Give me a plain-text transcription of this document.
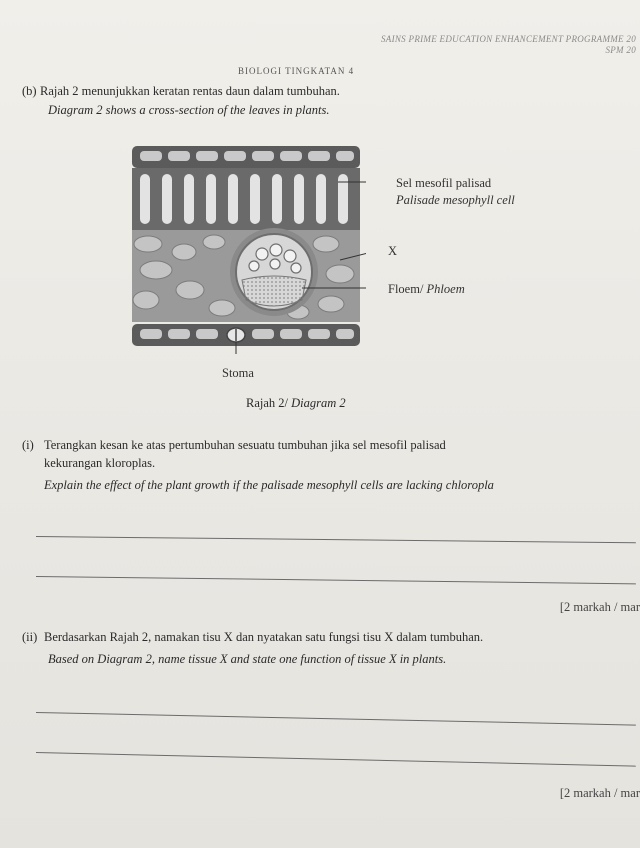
SAINS PRIME EDUCATION ENHANCEMENT PROGRAMME 20
SPM 20
BIOLOGI TINGKATAN 4
(b) Rajah 2 menunjukkan keratan rentas daun dalam tumbuhan.
Diagram 2 shows a cross-section of the leaves in plants.
Sel mesofil palisad
Palisade mesophyll cell
X
Floem/ Phloem
Stoma
Rajah 2/ Diagram 2
(i) Terangkan kesan ke atas pertumbuhan sesuatu tumbuhan jika sel mesofil palisad
kekurangan kloroplas.
Explain the effect of the plant growth if the palisade mesophyll cells are lacking chloropla
[2 markah / mar
(ii) Berdasarkan Rajah 2, namakan tisu X dan nyatakan satu fungsi tisu X dalam tumbuhan.
Based on Diagram 2, name tissue X and state one function of tissue X in plants.
[2 markah / mar
